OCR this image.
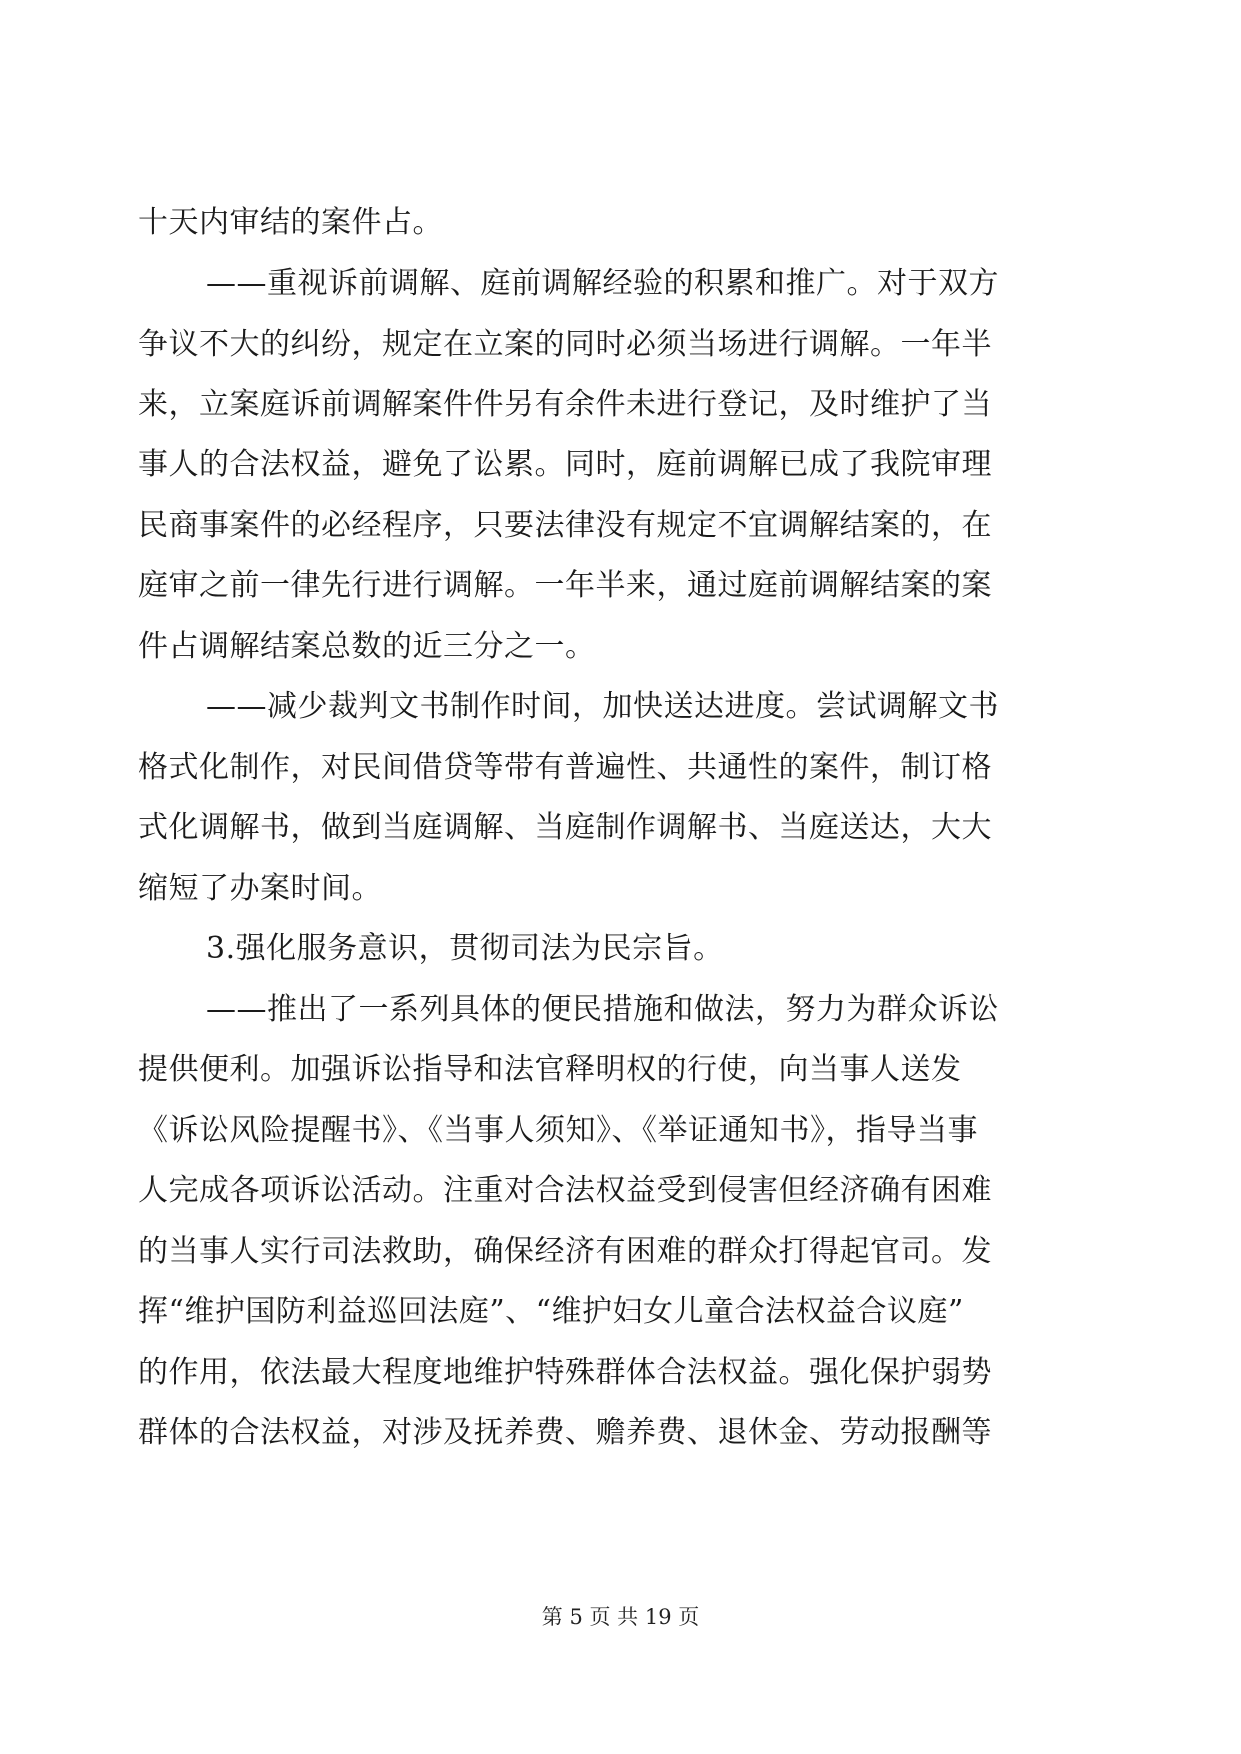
十天内审结的案件占。
——重视诉前调解、庭前调解经验的积累和推广。对于双方
争议不大的纠纷，规定在立案的同时必须当场进行调解。一年半
来，立案庭诉前调解案件件另有余件未进行登记，及时维护了当
事人的合法权益，避免了讼累。同时，庭前调解已成了我院审理
民商事案件的必经程序，只要法律没有规定不宜调解结案的，在
庭审之前一律先行进行调解。一年半来，通过庭前调解结案的案
件占调解结案总数的近三分之一。
——减少裁判文书制作时间，加快送达进度。尝试调解文书
格式化制作，对民间借贷等带有普遍性、共通性的案件，制订格
式化调解书，做到当庭调解、当庭制作调解书、当庭送达，大大
缩短了办案时间。
3.强化服务意识，贯彻司法为民宗旨。
——推出了一系列具体的便民措施和做法，努力为群众诉讼
提供便利。加强诉讼指导和法官释明权的行使，向当事人送发
《诉讼风险提醒书》、《当事人须知》、《举证通知书》，指导当事
人完成各项诉讼活动。注重对合法权益受到侵害但经济确有困难
的当事人实行司法救助，确保经济有困难的群众打得起官司。发
挥“维护国防利益巡回法庭”、“维护妇女儿童合法权益合议庭”
的作用，依法最大程度地维护特殊群体合法权益。强化保护弱势
群体的合法权益，对涉及抚养费、赡养费、退休金、劳动报酬等
第 5 页 共 19 页
